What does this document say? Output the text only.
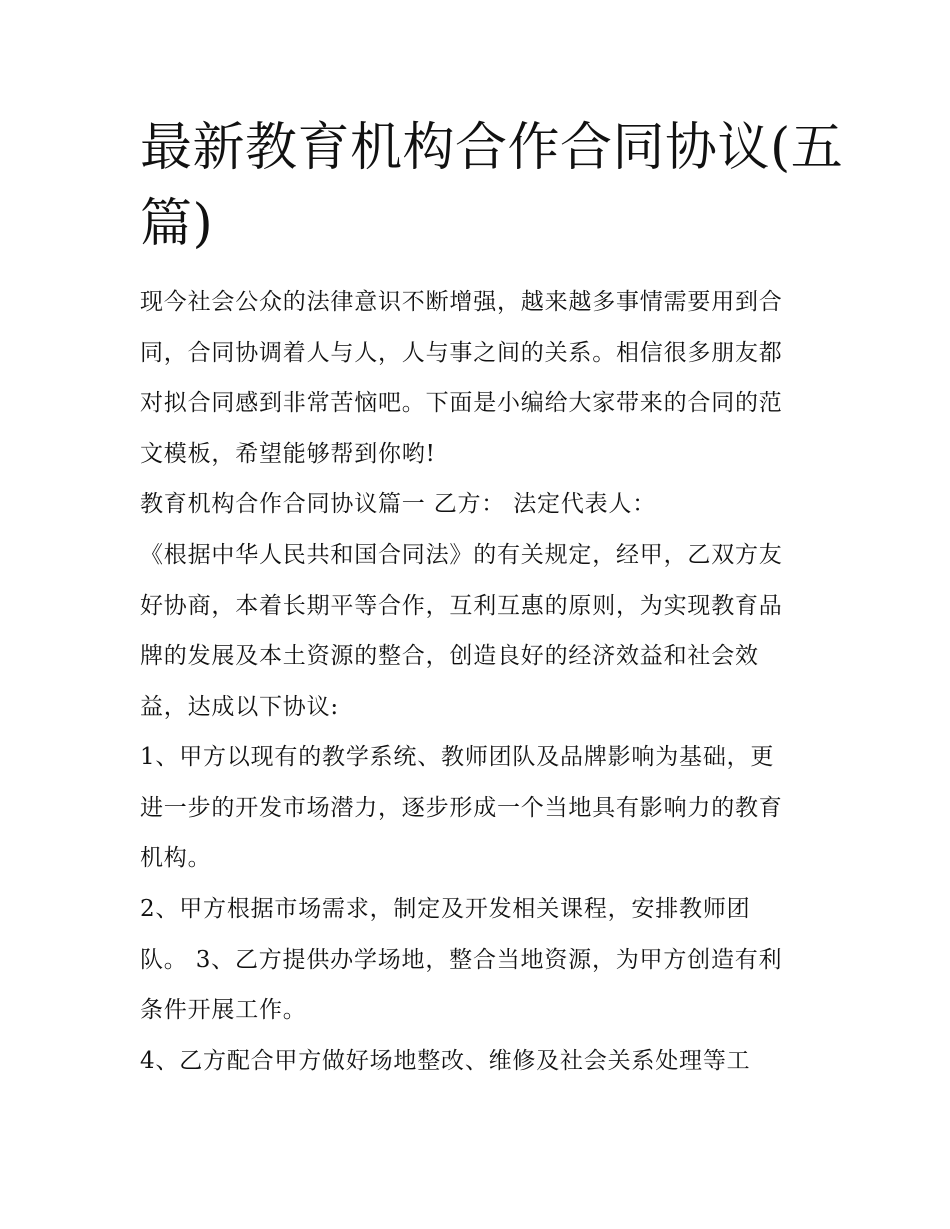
最新教育机构合作合同协议(五
篇)

现今社会公众的法律意识不断增强，越来越多事情需要用到合
同，合同协调着人与人，人与事之间的关系。相信很多朋友都
对拟合同感到非常苦恼吧。下面是小编给大家带来的合同的范
文模板，希望能够帮到你哟!

教育机构合作合同协议篇一 乙方： 法定代表人：

《根据中华人民共和国合同法》的有关规定，经甲，乙双方友
好协商，本着长期平等合作，互利互惠的原则，为实现教育品
牌的发展及本土资源的整合，创造良好的经济效益和社会效
益，达成以下协议:

1、甲方以现有的教学系统、教师团队及品牌影响为基础，更
进一步的开发市场潜力，逐步形成一个当地具有影响力的教育
机构。

2、甲方根据市场需求，制定及开发相关课程，安排教师团
队。 3、乙方提供办学场地，整合当地资源，为甲方创造有利
条件开展工作。

4、乙方配合甲方做好场地整改、维修及社会关系处理等工
